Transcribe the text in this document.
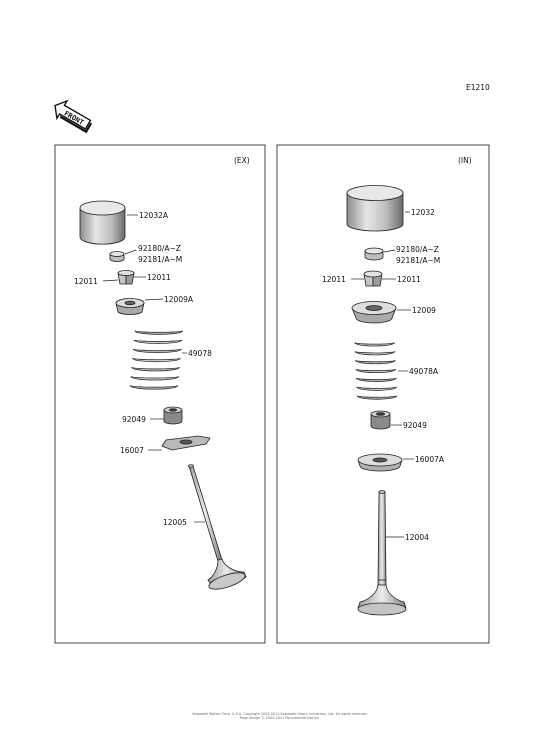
E1210
FRONT
(EX)
12032A
92180/A~Z
92181/A~M
12011	12011
12009A
49078
92049
16007
12005
(IN)
12032
92180/A~Z
92181/A~M
12011	12011
12009
49078A
92049
16007A
12004
Kawasaki Motors Corp. U.S.A. Copyright 2003-2011 Kawasaki Heavy Industries, Ltd. All rights reserved.
Page design © 2004-2011 Partsmart/Arinet Inc.
